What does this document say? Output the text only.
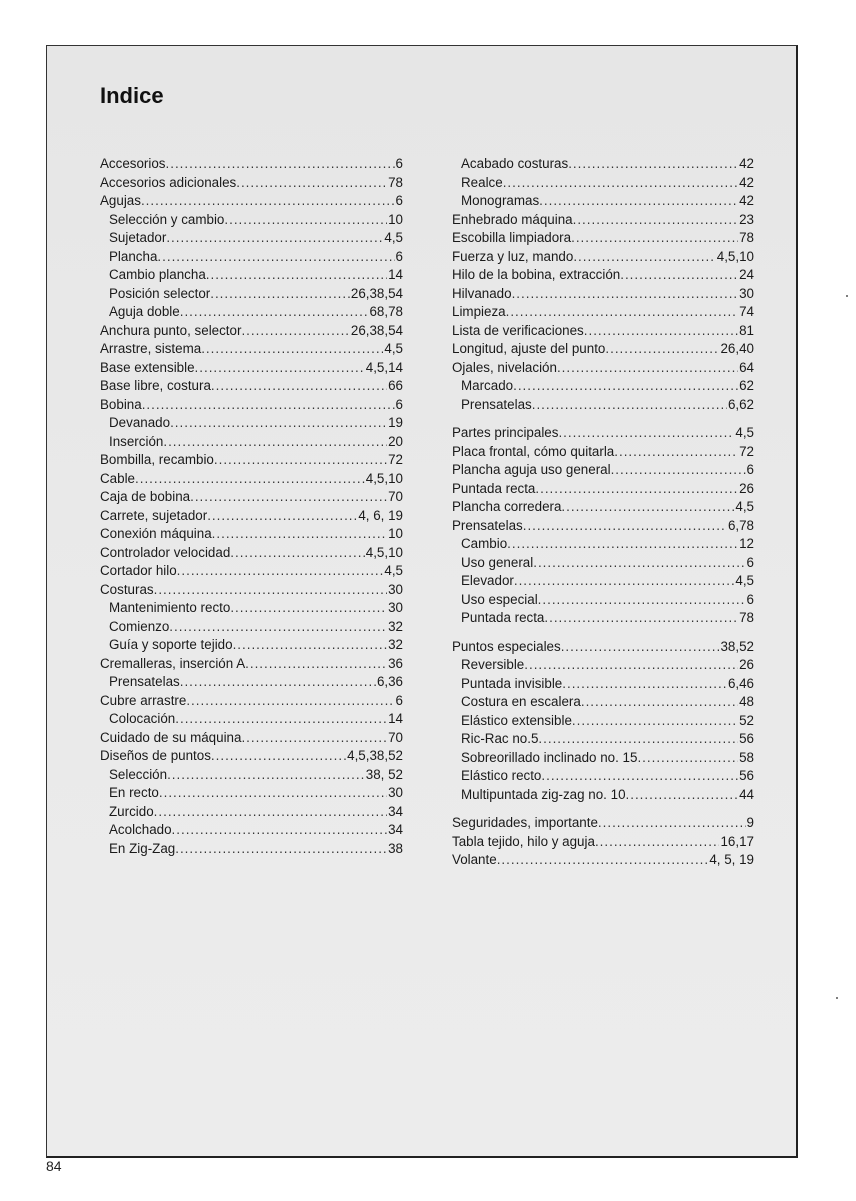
Indice
Accesorios .....	6
Accesorios adicionales .....	78
Agujas .....	6
Selección y cambio .....	10
Sujetador .....	4,5
Plancha .....	6
Cambio plancha .....	14
Posición selector .....	26,38,54
Aguja doble .....	68,78
Anchura punto, selector .....	26,38,54
Arrastre, sistema .....	4,5
Base extensible .....	4,5,14
Base libre, costura .....	66
Bobina .....	6
Devanado .....	19
Inserción .....	20
Bombilla, recambio .....	72
Cable .....	4,5,10
Caja de bobina .....	70
Carrete, sujetador .....	4, 6, 19
Conexión máquina .....	10
Controlador velocidad .....	4,5,10
Cortador hilo .....	4,5
Costuras .....	30
Mantenimiento recto .....	30
Comienzo .....	32
Guía y soporte tejido .....	32
Cremalleras, inserción A .....	36
Prensatelas .....	6,36
Cubre arrastre .....	6
Colocación .....	14
Cuidado de su máquina .....	70
Diseños de puntos .....	4,5,38,52
Selección .....	38, 52
En recto .....	30
Zurcido .....	34
Acolchado .....	34
En Zig-Zag .....	38
Acabado costuras .....	42
Realce .....	42
Monogramas .....	42
Enhebrado máquina .....	23
Escobilla limpiadora .....	78
Fuerza y luz, mando .....	4,5,10
Hilo de la bobina, extracción .....	24
Hilvanado .....	30
Limpieza .....	74
Lista de verificaciones .....	81
Longitud, ajuste del punto .....	26,40
Ojales, nivelación .....	64
Marcado .....	62
Prensatelas .....	6,62
Partes principales .....	4,5
Placa frontal, cómo quitarla .....	72
Plancha aguja uso general .....	6
Puntada recta .....	26
Plancha corredera .....	4,5
Prensatelas .....	6,78
Cambio .....	12
Uso general .....	6
Elevador .....	4,5
Uso especial .....	6
Puntada recta .....	78
Puntos especiales .....	38,52
Reversible .....	26
Puntada invisible .....	6,46
Costura en escalera .....	48
Elástico extensible .....	52
Ric-Rac no.5 .....	56
Sobreorillado inclinado no. 15 .....	58
Elástico recto .....	56
Multipuntada zig-zag no. 10 .....	44
Seguridades, importante .....	9
Tabla tejido, hilo y aguja .....	16,17
Volante .....	4, 5, 19
84
